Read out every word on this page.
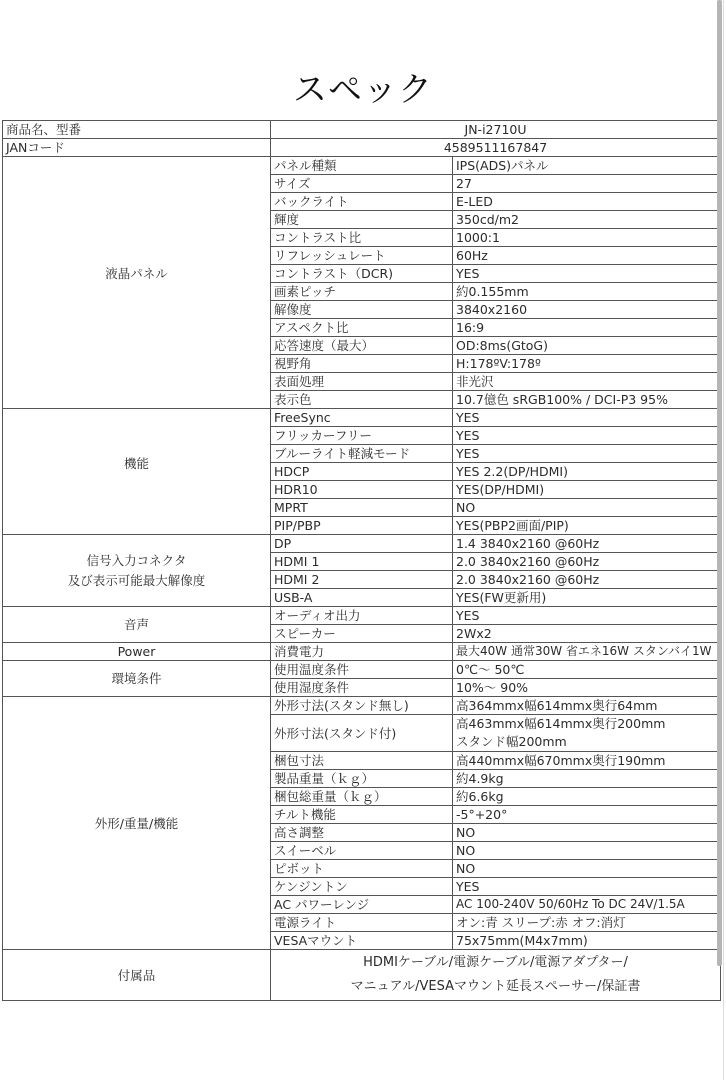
スペック
商品名、型番	JN-i2710U	
JANコード	4589511167847	
液晶パネル	パネル種類	IPS(ADS)パネル
	サイズ	27
	バックライト	E-LED
	輝度	350cd/m2
	コントラスト比	1000:1
	リフレッシュレート	60Hz
	コントラスト（DCR)	YES
	画素ピッチ	約0.155mm
	解像度	3840x2160
	アスペクト比	16:9
	応答速度（最大）	OD:8ms(GtoG)
	視野角	H:178ºV:178º
	表面処理	非光沢
	表示色	10.7億色 sRGB100% / DCI-P3 95%
機能	FreeSync	YES
	フリッカーフリー	YES
	ブルーライト軽減モード	YES
	HDCP	YES 2.2(DP/HDMI)
	HDR10	YES(DP/HDMI)
	MPRT	NO
	PIP/PBP	YES(PBP2画面/PIP)

信号入力コネクタ
及び表示可能最大解像度	DP	1.4 3840x2160 @60Hz
	HDMI 1	2.0 3840x2160 @60Hz
	HDMI 2	2.0 3840x2160 @60Hz
	USB-A	YES(FW更新用)
音声	オーディオ出力	YES
	スピーカー	2Wx2
Power	消費電力	最大40W 通常30W 省エネ16W スタンバイ1W
環境条件	使用温度条件	0℃～ 50℃
	使用湿度条件	10%～ 90%
外形/重量/機能	外形寸法(スタンド無し)	高364mmx幅614mmx奥行64mm
	外形寸法(スタンド付)	高463mmx幅614mmx奥行200mm
スタンド幅200mm

	梱包寸法	高440mmx幅670mmx奥行190mm
	製品重量（ｋｇ）	約4.9kg
	梱包総重量（ｋｇ）	約6.6kg
	チルト機能	-5°+20°
	高さ調整	NO
	スイーベル	NO
	ピボット	NO
	ケンジントン	YES
	AC パワーレンジ	AC 100-240V 50/60Hz To DC 24V/1.5A
	電源ライト	オン:青 スリープ:赤 オフ:消灯
	VESAマウント	75x75mm(M4x7mm)
付属品	HDMIケーブル/電源ケーブル/電源アダプター/
マニュアル/VESAマウント延長スペーサー/保証書	
